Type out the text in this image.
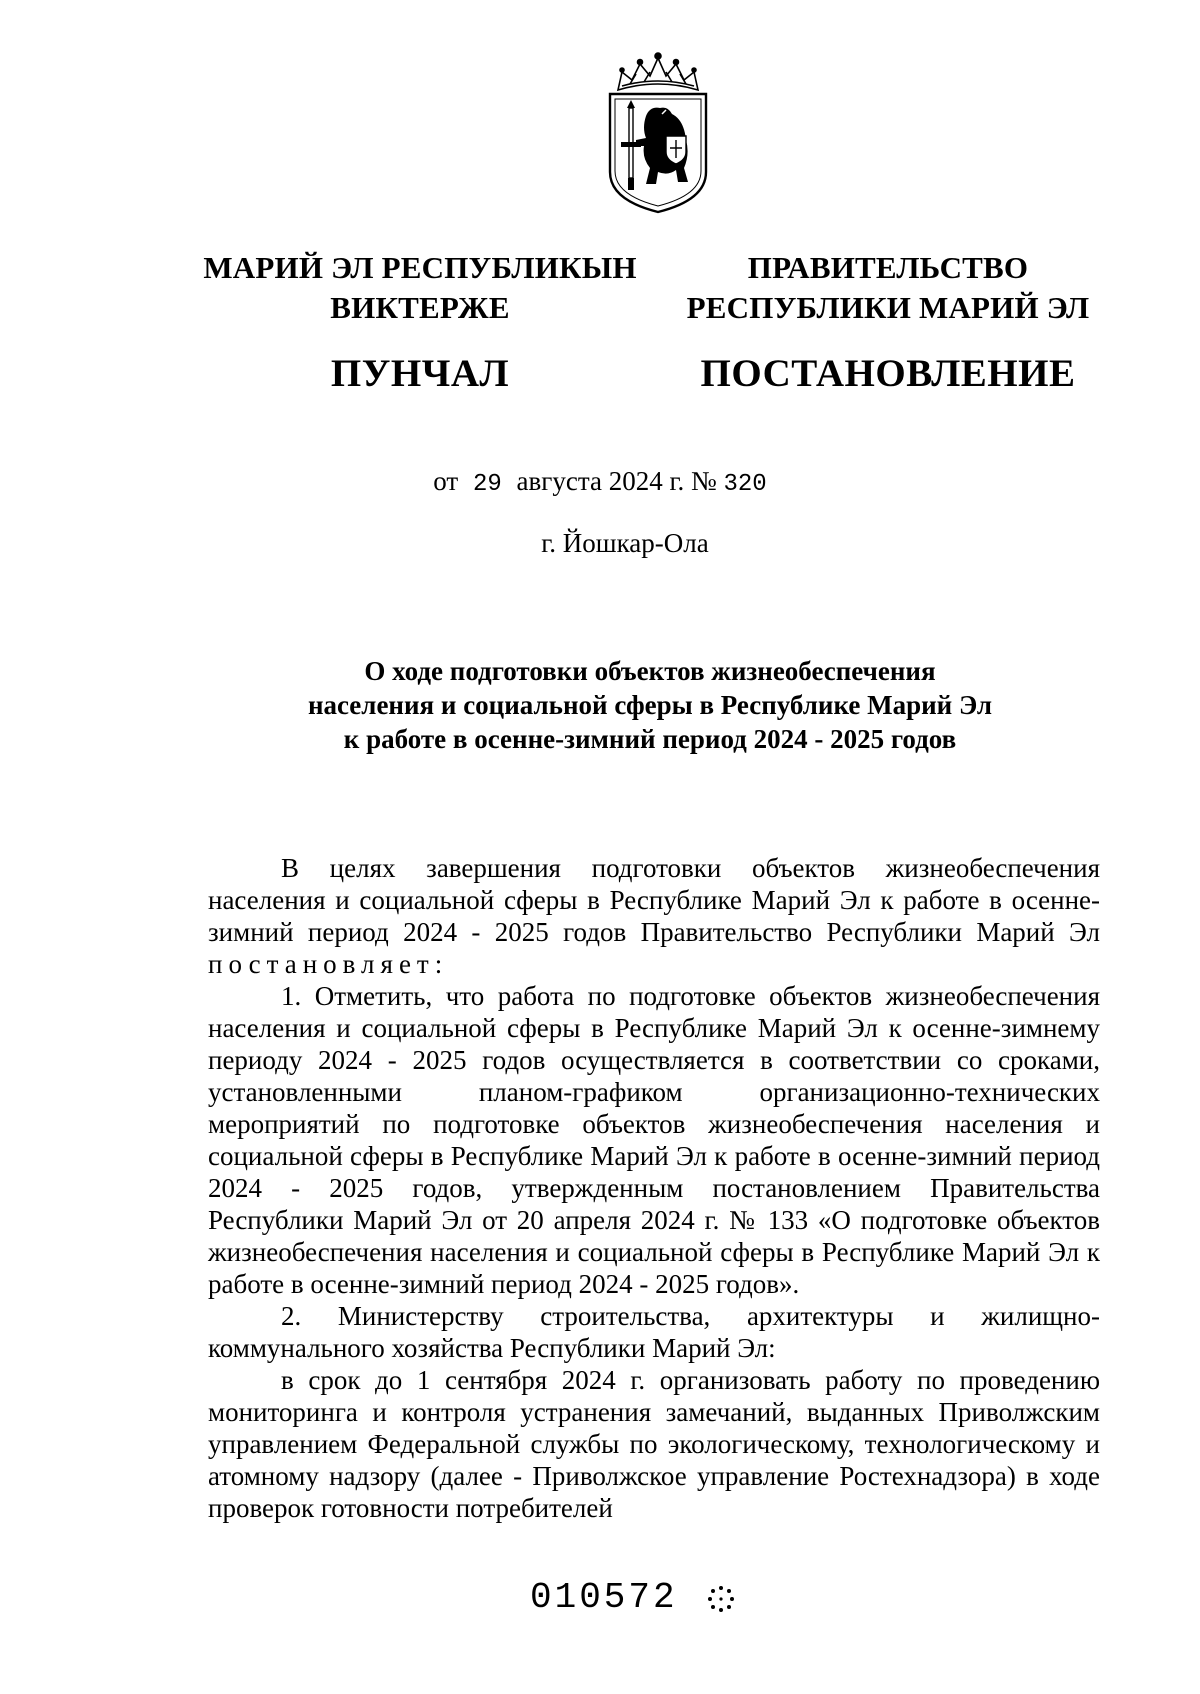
МАРИЙ ЭЛ РЕСПУБЛИКЫН
ВИКТЕРЖЕ
ПУНЧАЛ
ПРАВИТЕЛЬСТВО
РЕСПУБЛИКИ МАРИЙ ЭЛ
ПОСТАНОВЛЕНИЕ
от 29 августа 2024 г. № 320
г. Йошкар-Ола
О ходе подготовки объектов жизнеобеспечения
населения и социальной сферы в Республике Марий Эл
к работе в осенне-зимний период 2024 - 2025 годов

В целях завершения подготовки объектов жизнеобеспечения населения и социальной сферы в Республике Марий Эл к работе в осенне-зимний период 2024 - 2025 годов Правительство Республики Марий Эл постановляет:

1. Отметить, что работа по подготовке объектов жизнеобеспечения населения и социальной сферы в Республике Марий Эл к осенне-зимнему периоду 2024 - 2025 годов осуществляется в соответствии со сроками, установленными планом-графиком организационно-технических мероприятий по подготовке объектов жизнеобеспечения населения и социальной сферы в Республике Марий Эл к работе в осенне-зимний период 2024 - 2025 годов, утвержденным постановлением Правительства Республики Марий Эл от 20 апреля 2024 г. № 133 «О подготовке объектов жизнеобеспечения населения и социальной сферы в Республике Марий Эл к работе в осенне-зимний период 2024 - 2025 годов».

2. Министерству строительства, архитектуры и жилищно-коммунального хозяйства Республики Марий Эл:

в срок до 1 сентября 2024 г. организовать работу по проведению мониторинга и контроля устранения замечаний, выданных Приволжским управлением Федеральной службы по экологическому, технологическому и атомному надзору (далее - Приволжское управление Ростехнадзора) в ходе проверок готовности потребителей

010572
